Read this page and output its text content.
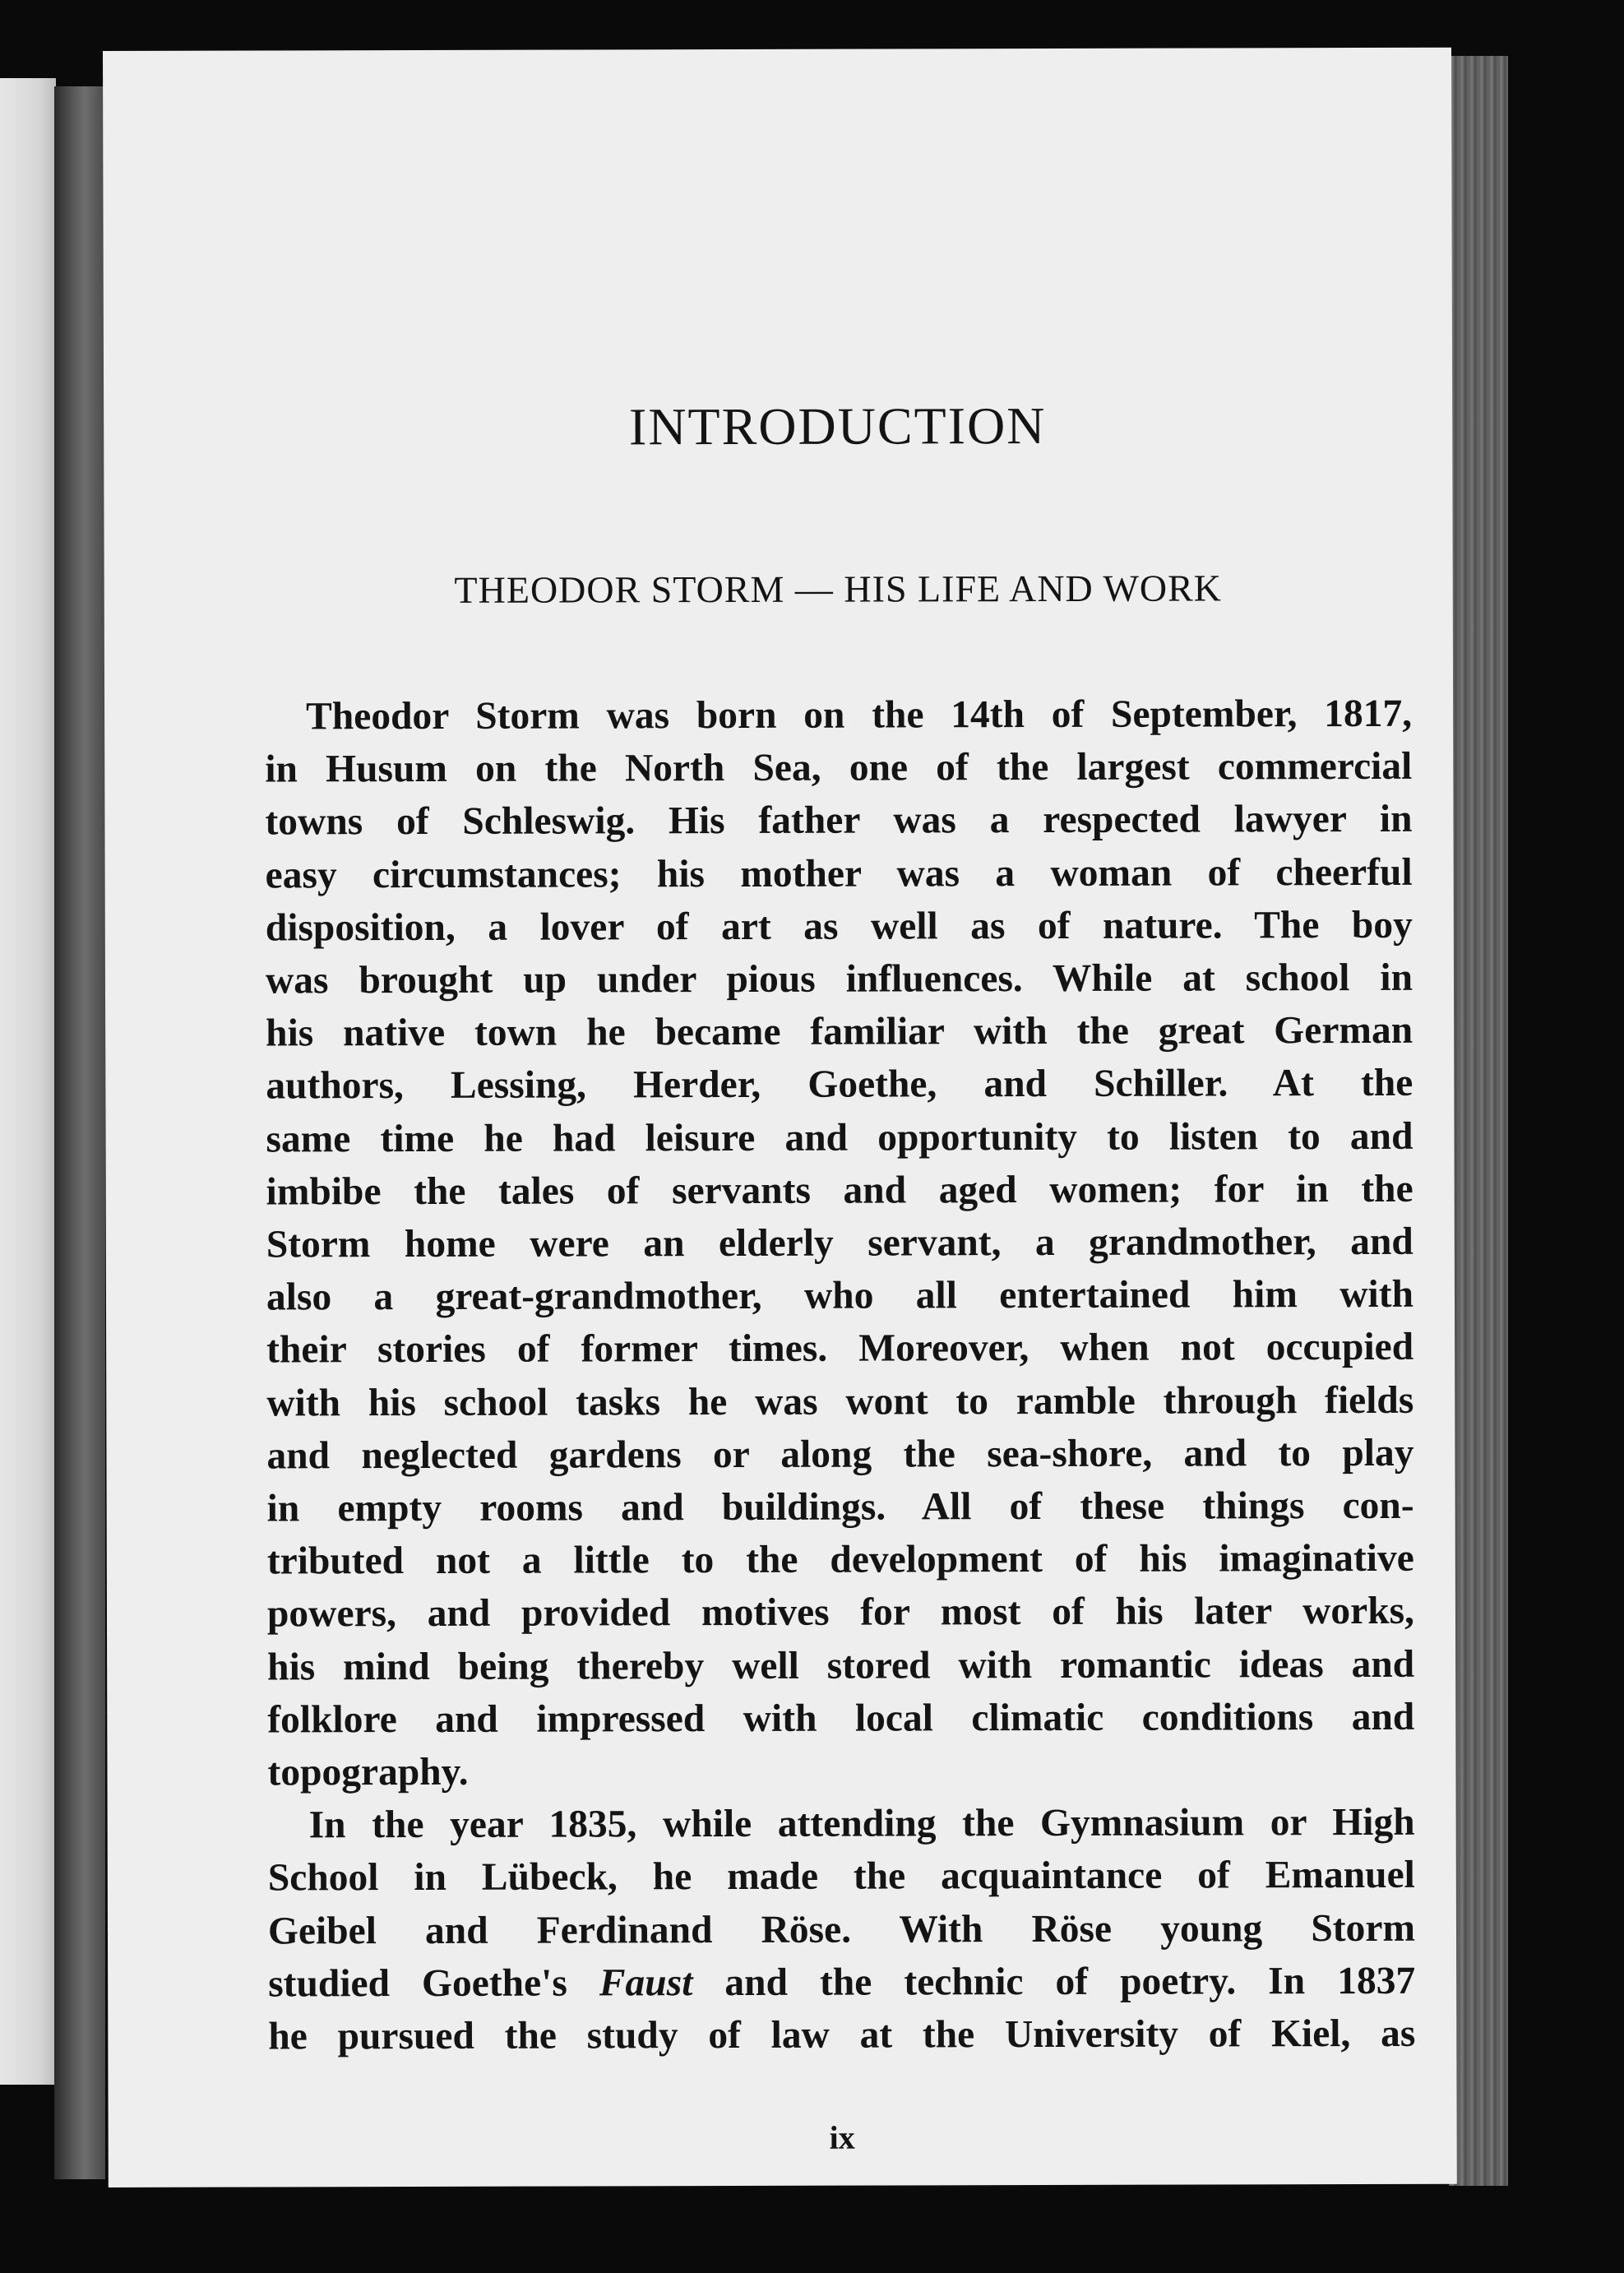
INTRODUCTION
THEODOR STORM — HIS LIFE AND WORK
Theodor Storm was born on the 14th of September, 1817,
in Husum on the North Sea, one of the largest commercial
towns of Schleswig. His father was a respected lawyer in
easy circumstances; his mother was a woman of cheerful
disposition, a lover of art as well as of nature. The boy
was brought up under pious influences. While at school in
his native town he became familiar with the great German
authors, Lessing, Herder, Goethe, and Schiller. At the
same time he had leisure and opportunity to listen to and
imbibe the tales of servants and aged women; for in the
Storm home were an elderly servant, a grandmother, and
also a great-grandmother, who all entertained him with
their stories of former times. Moreover, when not occupied
with his school tasks he was wont to ramble through fields
and neglected gardens or along the sea-shore, and to play
in empty rooms and buildings. All of these things con-
tributed not a little to the development of his imaginative
powers, and provided motives for most of his later works,
his mind being thereby well stored with romantic ideas and
folklore and impressed with local climatic conditions and
topography.
In the year 1835, while attending the Gymnasium or High
School in Lübeck, he made the acquaintance of Emanuel
Geibel and Ferdinand Röse. With Röse young Storm
studied Goethe's Faust and the technic of poetry. In 1837
he pursued the study of law at the University of Kiel, as
ix
